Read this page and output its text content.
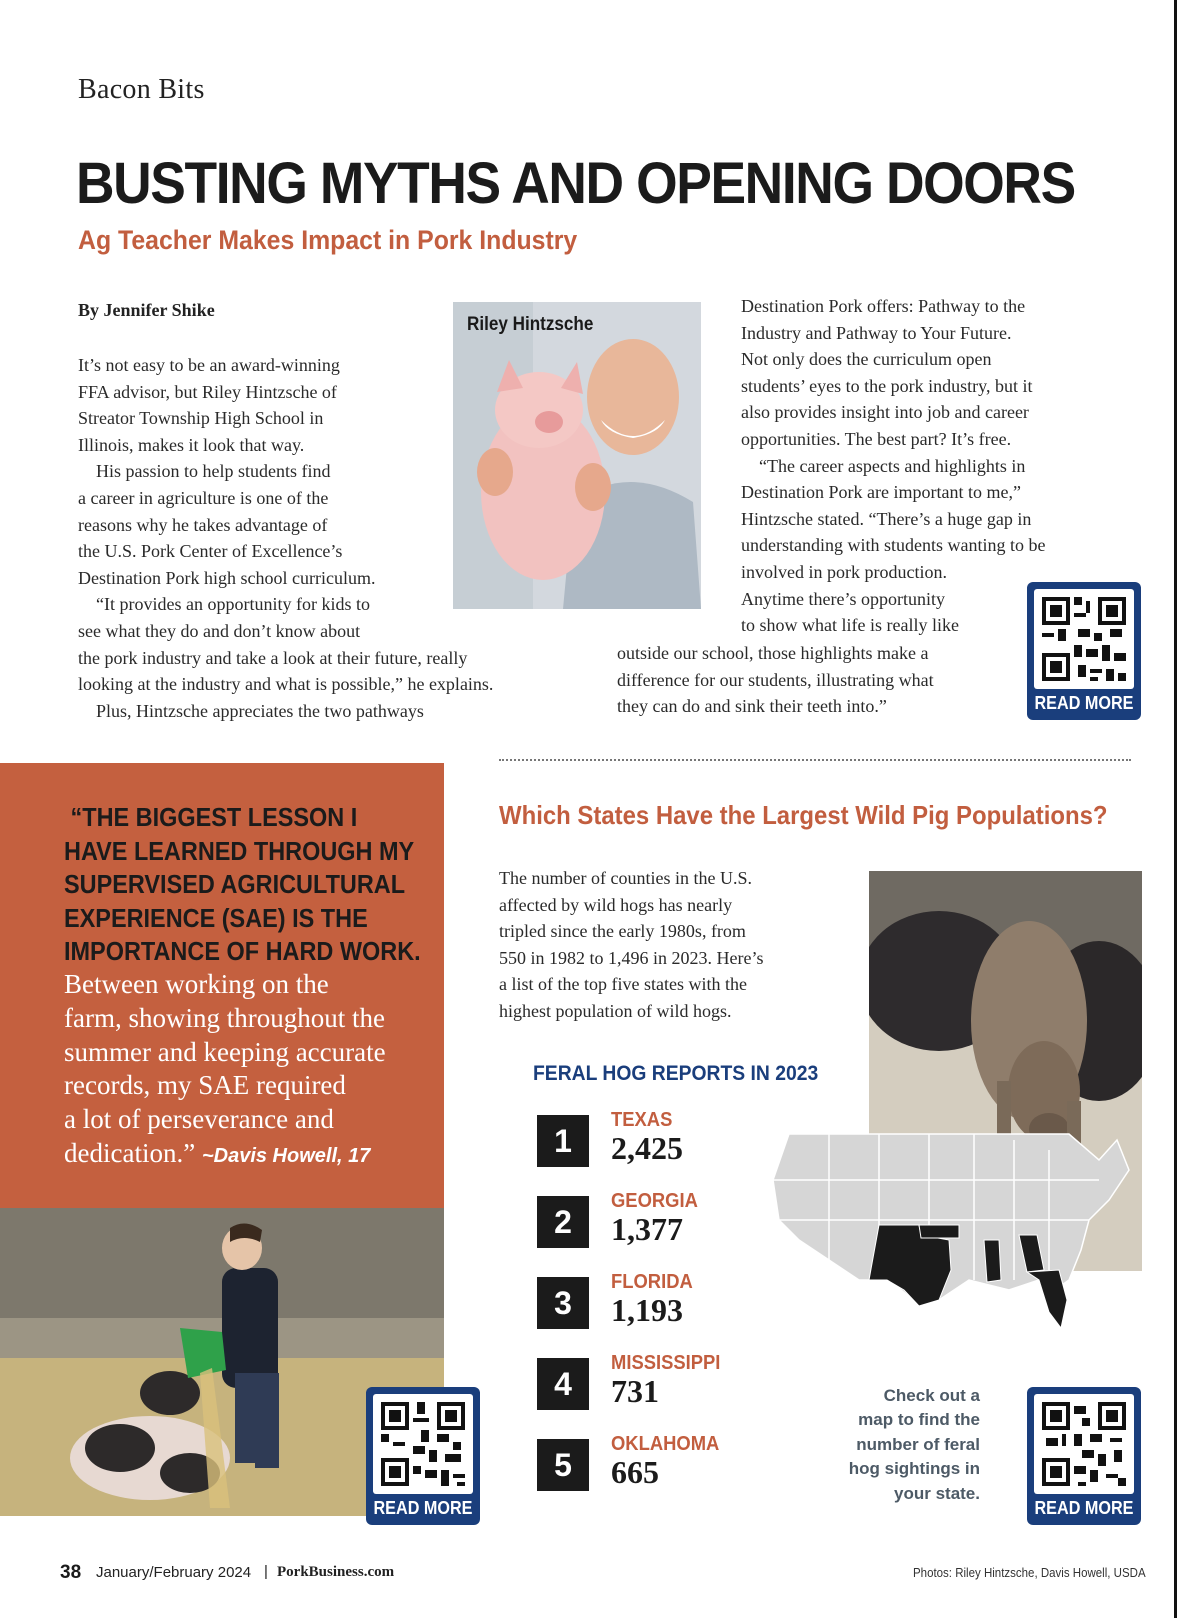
Bacon Bits
BUSTING MYTHS AND OPENING DOORS
Ag Teacher Makes Impact in Pork Industry
By Jennifer Shike
It’s not easy to be an award-winning
FFA advisor, but Riley Hintzsche of
Streator Township High School in
Illinois, makes it look that way.
His passion to help students find
a career in agriculture is one of the
reasons why he takes advantage of
the U.S. Pork Center of Excellence’s
Destination Pork high school curriculum.
“It provides an opportunity for kids to
see what they do and don’t know about
the pork industry and take a look at their future, really
looking at the industry and what is possible,” he explains.
Plus, Hintzsche appreciates the two pathways
Riley Hintzsche
Destination Pork offers: Pathway to the
Industry and Pathway to Your Future.
Not only does the curriculum open
students’ eyes to the pork industry, but it
also provides insight into job and career
opportunities. The best part? It’s free.
“The career aspects and highlights in
Destination Pork are important to me,”
Hintzsche stated. “There’s a huge gap in
understanding with students wanting to be
involved in pork production.
Anytime there’s opportunity
to show what life is really like
outside our school, those highlights make a
difference for our students, illustrating what
they can do and sink their teeth into.”	READ MORE
“THE BIGGEST LESSON I
HAVE LEARNED THROUGH MY
SUPERVISED AGRICULTURAL
EXPERIENCE (SAE) IS THE
IMPORTANCE OF HARD WORK.
Between working on the
farm, showing throughout the
summer and keeping accurate
records, my SAE required
a lot of perseverance and
dedication.” ~Davis Howell, 17
READ MORE
Which States Have the Largest Wild Pig Populations?
The number of counties in the U.S.
affected by wild hogs has nearly
tripled since the early 1980s, from
550 in 1982 to 1,496 in 2023. Here’s
a list of the top five states with the
highest population of wild hogs.
FERAL HOG REPORTS IN 2023
1
TEXAS
2,425
2
GEORGIA
1,377
3
FLORIDA
1,193
4
MISSISSIPPI
731
5
OKLAHOMA
665
Check out a
map to find the
number of feral
hog sightings in
your state.
READ MORE
38 January/February 2024 | PorkBusiness.com	Photos: Riley Hintzsche, Davis Howell, USDA
